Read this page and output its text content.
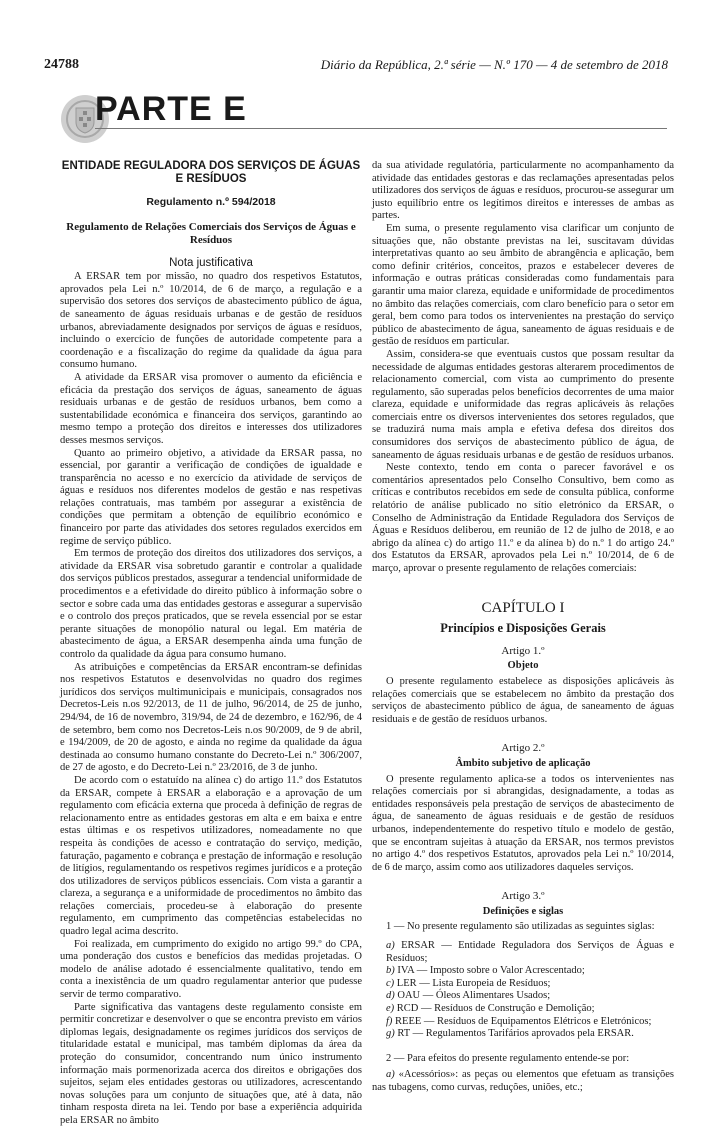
24788	Diário da República, 2.ª série — N.º 170 — 4 de setembro de 2018
PARTE E
ENTIDADE REGULADORA DOS SERVIÇOS DE ÁGUAS E RESÍDUOS
Regulamento n.º 594/2018
Regulamento de Relações Comerciais dos Serviços de Águas e Resíduos
Nota justificativa

A ERSAR tem por missão, no quadro dos respetivos Estatutos, aprovados pela Lei n.º 10/2014, de 6 de março, a regulação e a supervisão dos setores dos serviços de abastecimento público de água, de saneamento de águas residuais urbanas e de gestão de resíduos urbanos, abreviadamente designados por serviços de águas e resíduos, incluindo o exercício de funções de autoridade competente para a coordenação e a fiscalização do regime da qualidade da água para consumo humano.

A atividade da ERSAR visa promover o aumento da eficiência e eficácia da prestação dos serviços de águas, saneamento de águas residuais urbanas e de gestão de resíduos urbanos, bem como a sustentabilidade económica e financeira dos serviços, garantindo ao mesmo tempo a proteção dos direitos e interesses dos utilizadores desses mesmos serviços.

Quanto ao primeiro objetivo, a atividade da ERSAR passa, no essencial, por garantir a verificação de condições de igualdade e transparência no acesso e no exercício da atividade de serviços de águas e resíduos nos diferentes modelos de gestão e nas respetivas relações contratuais, mas também por assegurar a existência de condições que permitam a obtenção de equilíbrio económico e financeiro por parte das atividades dos setores regulados exercidos em regime de serviço público.

Em termos de proteção dos direitos dos utilizadores dos serviços, a atividade da ERSAR visa sobretudo garantir e controlar a qualidade dos serviços públicos prestados, assegurar a tendencial uniformidade de procedimentos e a efetividade do direito público à informação sobre o sector e sobre cada uma das entidades gestoras e assegurar a supervisão e o controlo dos preços praticados, que se revela essencial por se estar perante situações de monopólio natural ou legal. Em matéria de abastecimento de água, a ERSAR desempenha ainda uma função de controlo da qualidade da água para consumo humano.

As atribuições e competências da ERSAR encontram-se definidas nos respetivos Estatutos e desenvolvidas no quadro dos regimes jurídicos dos serviços multimunicipais e municipais, consagrados nos Decretos-Leis n.os 92/2013, de 11 de julho, 96/2014, de 25 de junho, 294/94, de 16 de novembro, 319/94, de 24 de dezembro, e 162/96, de 4 de setembro, bem como nos Decretos-Leis n.os 90/2009, de 9 de abril, e 194/2009, de 20 de agosto, e ainda no regime da qualidade da água destinada ao consumo humano constante do Decreto-Lei n.º 306/2007, de 27 de agosto, e do Decreto-Lei n.º 23/2016, de 3 de junho.

De acordo com o estatuído na alínea c) do artigo 11.º dos Estatutos da ERSAR, compete à ERSAR a elaboração e a aprovação de um regulamento com eficácia externa que proceda à definição de regras de relacionamento entre as entidades gestoras em alta e em baixa e entre estas últimas e os respetivos utilizadores, nomeadamente no que respeita às condições de acesso e contratação do serviço, medição, faturação, pagamento e cobrança e prestação de informação e resolução de litígios, regulamentando os respetivos regimes jurídicos e a proteção dos utilizadores de serviços públicos essenciais. Com vista a garantir a clareza, a segurança e a uniformidade de procedimentos no âmbito das relações comerciais, procedeu-se à elaboração do presente regulamento, em cumprimento das competências estabelecidas no quadro legal acima descrito.

Foi realizada, em cumprimento do exigido no artigo 99.º do CPA, uma ponderação dos custos e benefícios das medidas projetadas. O modelo de análise adotado é essencialmente qualitativo, tendo em conta a inexistência de um quadro regulamentar anterior que pudesse servir de termo comparativo.

Parte significativa das vantagens deste regulamento consiste em permitir concretizar e desenvolver o que se encontra previsto em vários diplomas legais, designadamente os regimes jurídicos dos serviços de titularidade estatal e municipal, mas também diplomas da área da proteção do consumidor, concentrando num único instrumento informação mais pormenorizada acerca dos direitos e obrigações dos sujeitos, sejam eles entidades gestoras ou utilizadores, acrescentando novas soluções para um conjunto de situações que, até à data, não tinham resposta direta na lei. Tendo por base a experiência adquirida pela ERSAR no âmbito

da sua atividade regulatória, particularmente no acompanhamento da atividade das entidades gestoras e das reclamações apresentadas pelos utilizadores dos serviços de águas e resíduos, procurou-se assegurar um justo equilíbrio entre os legítimos direitos e interesses de ambas as partes.

Em suma, o presente regulamento visa clarificar um conjunto de situações que, não obstante previstas na lei, suscitavam dúvidas interpretativas quanto ao seu âmbito de abrangência e aplicação, bem como definir critérios, conceitos, prazos e estabelecer deveres de informação e outras práticas consideradas como fundamentais para garantir uma maior clareza, equidade e uniformidade de procedimentos no âmbito das relações comerciais, com claro benefício para o setor em geral, bem como para todos os intervenientes na prestação do serviço público de abastecimento de água, saneamento de águas residuais e de gestão de resíduos em particular.

Assim, considera-se que eventuais custos que possam resultar da necessidade de algumas entidades gestoras alterarem procedimentos de relacionamento comercial, com vista ao cumprimento do presente regulamento, são superadas pelos benefícios decorrentes de uma maior clareza, equidade e uniformidade das regras aplicáveis às relações comerciais entre os diversos intervenientes dos setores regulados, que se traduzirá numa mais ampla e efetiva defesa dos direitos dos consumidores dos serviços de abastecimento público de água, de saneamento de águas residuais urbanas e de gestão de resíduos urbanos.

Neste contexto, tendo em conta o parecer favorável e os comentários apresentados pelo Conselho Consultivo, bem como as críticas e contributos recebidos em sede de consulta pública, conforme relatório de análise publicado no sítio eletrónico da ERSAR, o Conselho de Administração da Entidade Reguladora dos Serviços de Águas e Resíduos deliberou, em reunião de 12 de julho de 2018, e ao abrigo da alínea c) do artigo 11.º e da alínea b) do n.º 1 do artigo 24.º dos Estatutos da ERSAR, aprovados pela Lei n.º 10/2014, de 6 de março, aprovar o presente regulamento de relações comerciais:

CAPÍTULO I
Princípios e Disposições Gerais
Artigo 1.º
Objeto

O presente regulamento estabelece as disposições aplicáveis às relações comerciais que se estabelecem no âmbito da prestação dos serviços de abastecimento público de água, de saneamento de águas residuais e de gestão de resíduos urbanos.

Artigo 2.º
Âmbito subjetivo de aplicação

O presente regulamento aplica-se a todos os intervenientes nas relações comerciais por si abrangidas, designadamente, a todas as entidades responsáveis pela prestação de serviços de abastecimento de água, de saneamento de águas residuais e de gestão de resíduos urbanos, independentemente do respetivo título e modelo de gestão, que se encontram sujeitas à atuação da ERSAR, nos termos previstos no artigo 4.º dos respetivos Estatutos, aprovados pela Lei n.º 10/2014, de 6 de março, assim como aos utilizadores daqueles serviços.

Artigo 3.º
Definições e siglas

1 — No presente regulamento são utilizadas as seguintes siglas:

a) ERSAR — Entidade Reguladora dos Serviços de Águas e Resíduos;
b) IVA — Imposto sobre o Valor Acrescentado;
c) LER — Lista Europeia de Resíduos;
d) OAU — Óleos Alimentares Usados;
e) RCD — Resíduos de Construção e Demolição;
f) REEE — Resíduos de Equipamentos Elétricos e Eletrónicos;
g) RT — Regulamentos Tarifários aprovados pela ERSAR.

2 — Para efeitos do presente regulamento entende-se por:

a) «Acessórios»: as peças ou elementos que efetuam as transições nas tubagens, como curvas, reduções, uniões, etc.;
